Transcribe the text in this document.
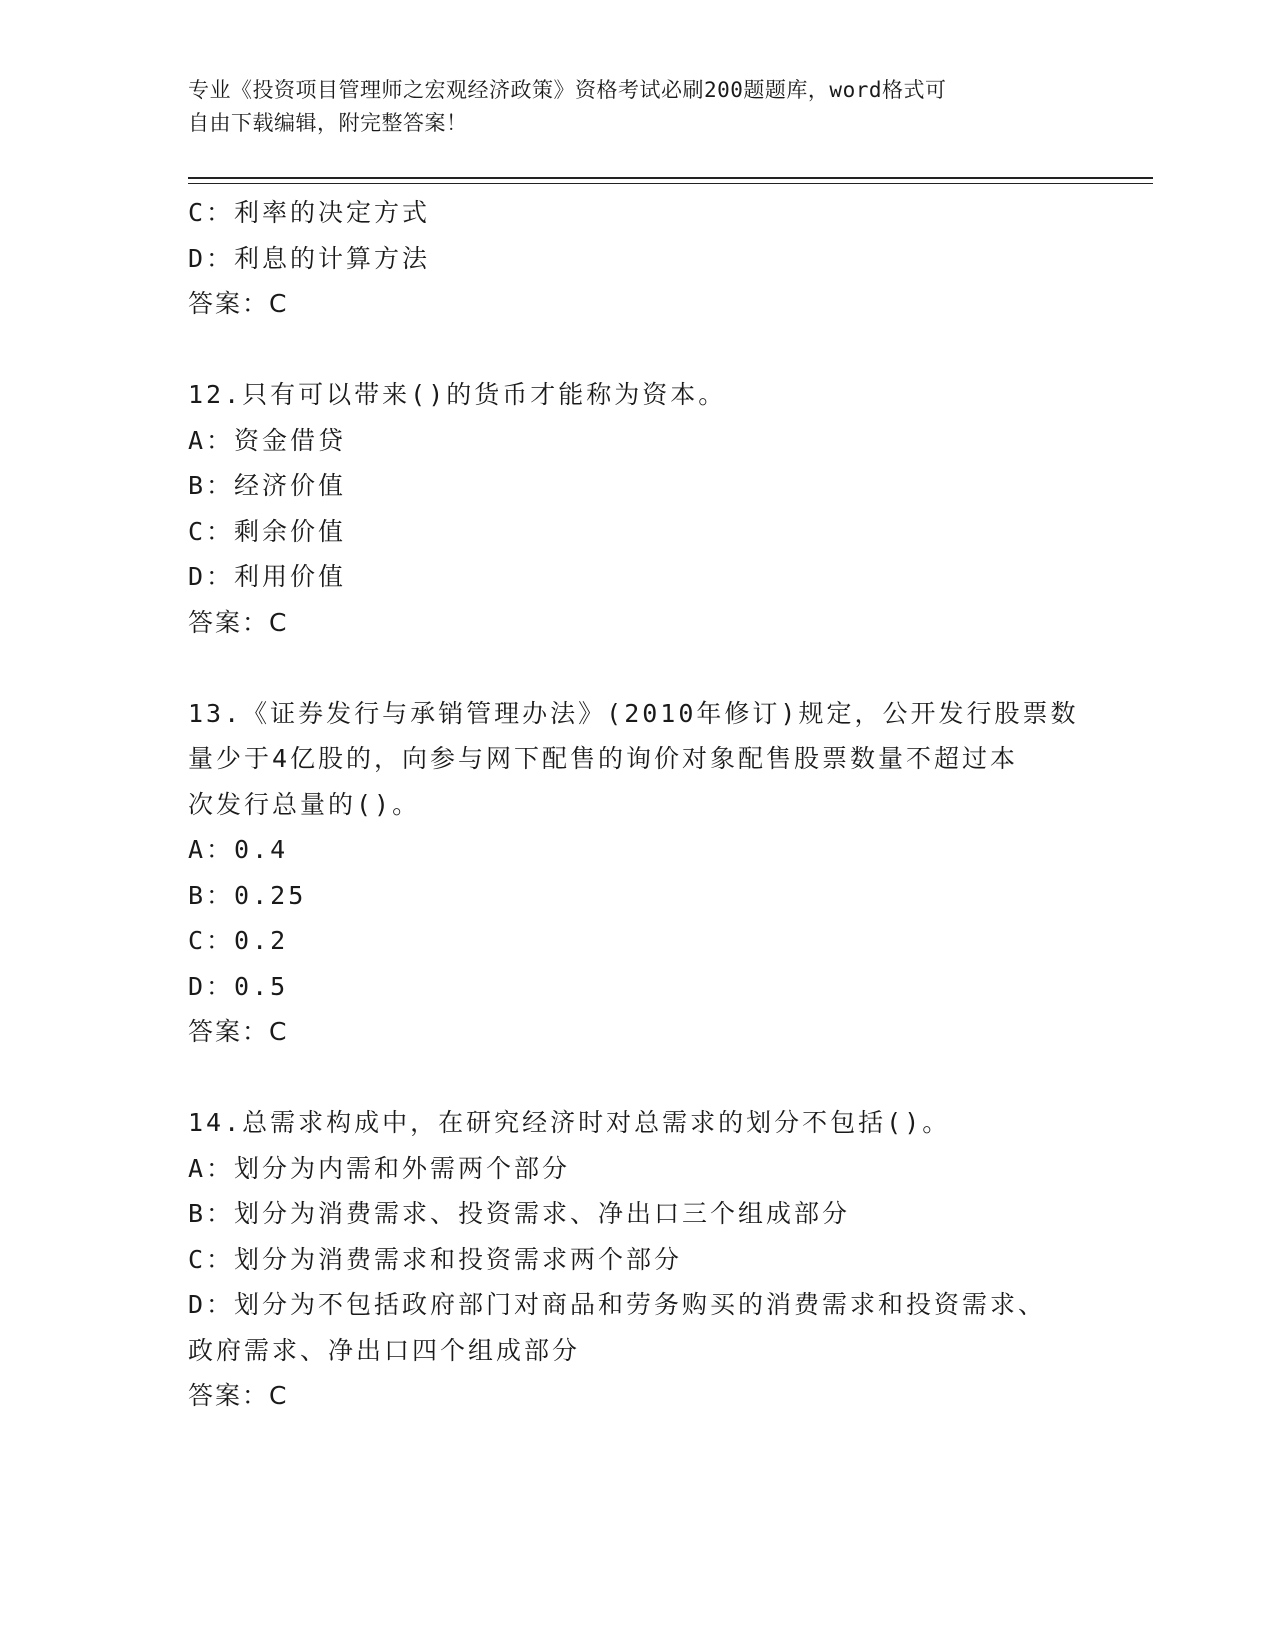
专业《投资项目管理师之宏观经济政策》资格考试必刷200题题库，word格式可
自由下载编辑，附完整答案！
C：利率的决定方式
D：利息的计算方法
答案：C
12.只有可以带来()的货币才能称为资本。
A：资金借贷
B：经济价值
C：剩余价值
D：利用价值
答案：C
13.《证券发行与承销管理办法》(2010年修订)规定，公开发行股票数
量少于4亿股的，向参与网下配售的询价对象配售股票数量不超过本
次发行总量的()。
A：0.4
B：0.25
C：0.2
D：0.5
答案：C
14.总需求构成中，在研究经济时对总需求的划分不包括()。
A：划分为内需和外需两个部分
B：划分为消费需求、投资需求、净出口三个组成部分
C：划分为消费需求和投资需求两个部分
D：划分为不包括政府部门对商品和劳务购买的消费需求和投资需求、
政府需求、净出口四个组成部分
答案：C
